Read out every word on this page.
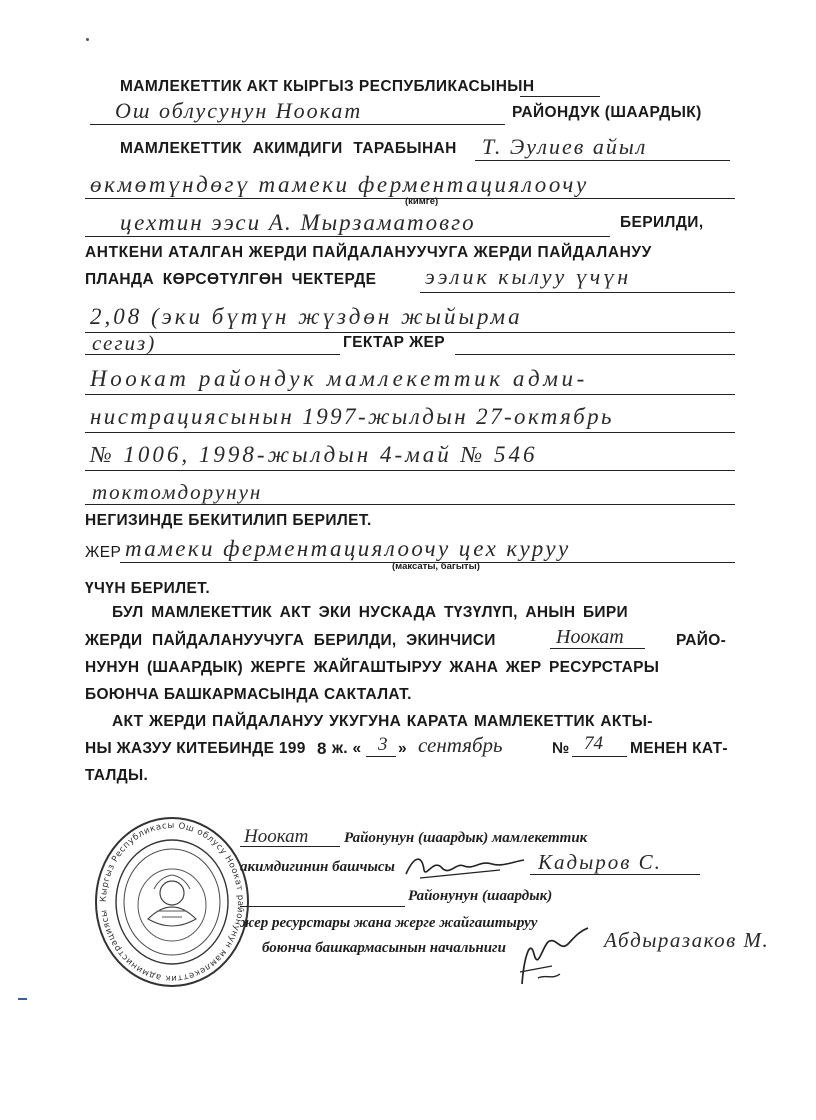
МАМЛЕКЕТТИК АКТ КЫРГЫЗ РЕСПУБЛИКАСЫНЫН
Ош облусунун Ноокат	РАЙОНДУК (ШААРДЫК)
МАМЛЕКЕТТИК АКИМДИГИ ТАРАБЫНАН Т. Эулиев айыл
өкмөтүндөгү тамеки ферментациялоочу
(кимге)
цехтин ээси А. Мырзаматовго	БЕРИЛДИ,
АНТКЕНИ АТАЛГАН ЖЕРДИ ПАЙДАЛАНУУЧУГА ЖЕРДИ ПАЙДАЛАНУУ
ПЛАНДА КӨРСӨТҮЛГӨН ЧЕКТЕРДЕ ээлик кылуу үчүн
2,08 (эки бүтүн жүздөн жыйырма
сегиз)	ГЕКТАР ЖЕР
Ноокат райондук мамлекеттик адми-
нистрациясынын 1997-жылдын 27-октябрь
№ 1006, 1998-жылдын 4-май № 546
токтомдорунун
НЕГИЗИНДЕ БЕКИТИЛИП БЕРИЛЕТ.
ЖЕР тамеки ферментациялоочу цех куруу
(максаты, багыты)
ҮЧҮН БЕРИЛЕТ.
БУЛ МАМЛЕКЕТТИК АКТ ЭКИ НУСКАДА ТҮЗҮЛҮП, АНЫН БИРИ
ЖЕРДИ ПАЙДАЛАНУУЧУГА БЕРИЛДИ, ЭКИНЧИСИ	Ноокат	РАЙО-
НУНУН (ШААРДЫК) ЖЕРГЕ ЖАЙГАШТЫРУУ ЖАНА ЖЕР РЕСУРСТАРЫ
БОЮНЧА БАШКАРМАСЫНДА САКТАЛАТ.
АКТ ЖЕРДИ ПАЙДАЛАНУУ УКУГУНА КАРАТА МАМЛЕКЕТТИК АКТЫ-
НЫ ЖАЗУУ КИТЕБИНДЕ 199 8 ж. « 3 » сентябрь	№ 74 МЕНЕН КАТ-
ТАЛДЫ.
Кыргыз Республикасы Ош облусу Ноокат районунун мамлекеттик администрациясы
Ноокат Районунун (шаардык) мамлекеттик
акимдигинин башчысы	Кадыров С.
Районунун (шаардык)
жер ресурстары жана жерге жайгаштыруу
боюнча башкармасынын начальниги	Абдыразаков М.
